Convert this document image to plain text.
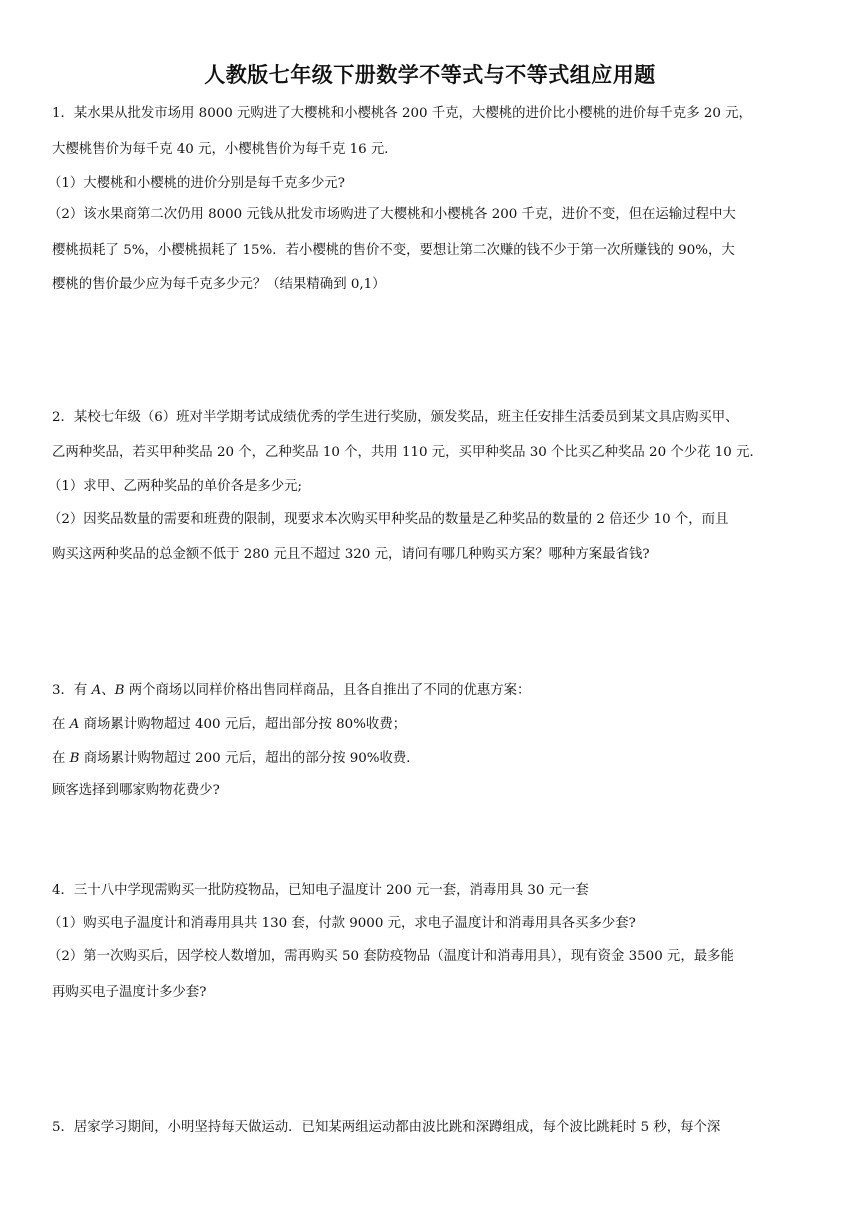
人教版七年级下册数学不等式与不等式组应用题
1．某水果从批发市场用 8000 元购进了大樱桃和小樱桃各 200 千克，大樱桃的进价比小樱桃的进价每千克多 20 元，
大樱桃售价为每千克 40 元，小樱桃售价为每千克 16 元．
（1）大樱桃和小樱桃的进价分别是每千克多少元?
（2）该水果商第二次仍用 8000 元钱从批发市场购进了大樱桃和小樱桃各 200 千克，进价不变，但在运输过程中大
樱桃损耗了 5%，小樱桃损耗了 15%．若小樱桃的售价不变，要想让第二次赚的钱不少于第一次所赚钱的 90%，大
樱桃的售价最少应为每千克多少元？（结果精确到 0,1）
2．某校七年级（6）班对半学期考试成绩优秀的学生进行奖励，颁发奖品，班主任安排生活委员到某文具店购买甲、
乙两种奖品，若买甲种奖品 20 个，乙种奖品 10 个，共用 110 元，买甲种奖品 30 个比买乙种奖品 20 个少花 10 元．
（1）求甲、乙两种奖品的单价各是多少元;
（2）因奖品数量的需要和班费的限制，现要求本次购买甲种奖品的数量是乙种奖品的数量的 2 倍还少 10 个，而且
购买这两种奖品的总金额不低于 280 元且不超过 320 元，请问有哪几种购买方案？哪种方案最省钱?
3．有 A、B 两个商场以同样价格出售同样商品，且各自推出了不同的优惠方案：
在 A 商场累计购物超过 400 元后，超出部分按 80%收费；
在 B 商场累计购物超过 200 元后，超出的部分按 90%收费．
顾客选择到哪家购物花费少?
4．三十八中学现需购买一批防疫物品，已知电子温度计 200 元一套，消毒用具 30 元一套
（1）购买电子温度计和消毒用具共 130 套，付款 9000 元，求电子温度计和消毒用具各买多少套?
（2）第一次购买后，因学校人数增加，需再购买 50 套防疫物品（温度计和消毒用具），现有资金 3500 元，最多能
再购买电子温度计多少套?
5．居家学习期间，小明坚持每天做运动．已知某两组运动都由波比跳和深蹲组成，每个波比跳耗时 5 秒，每个深
